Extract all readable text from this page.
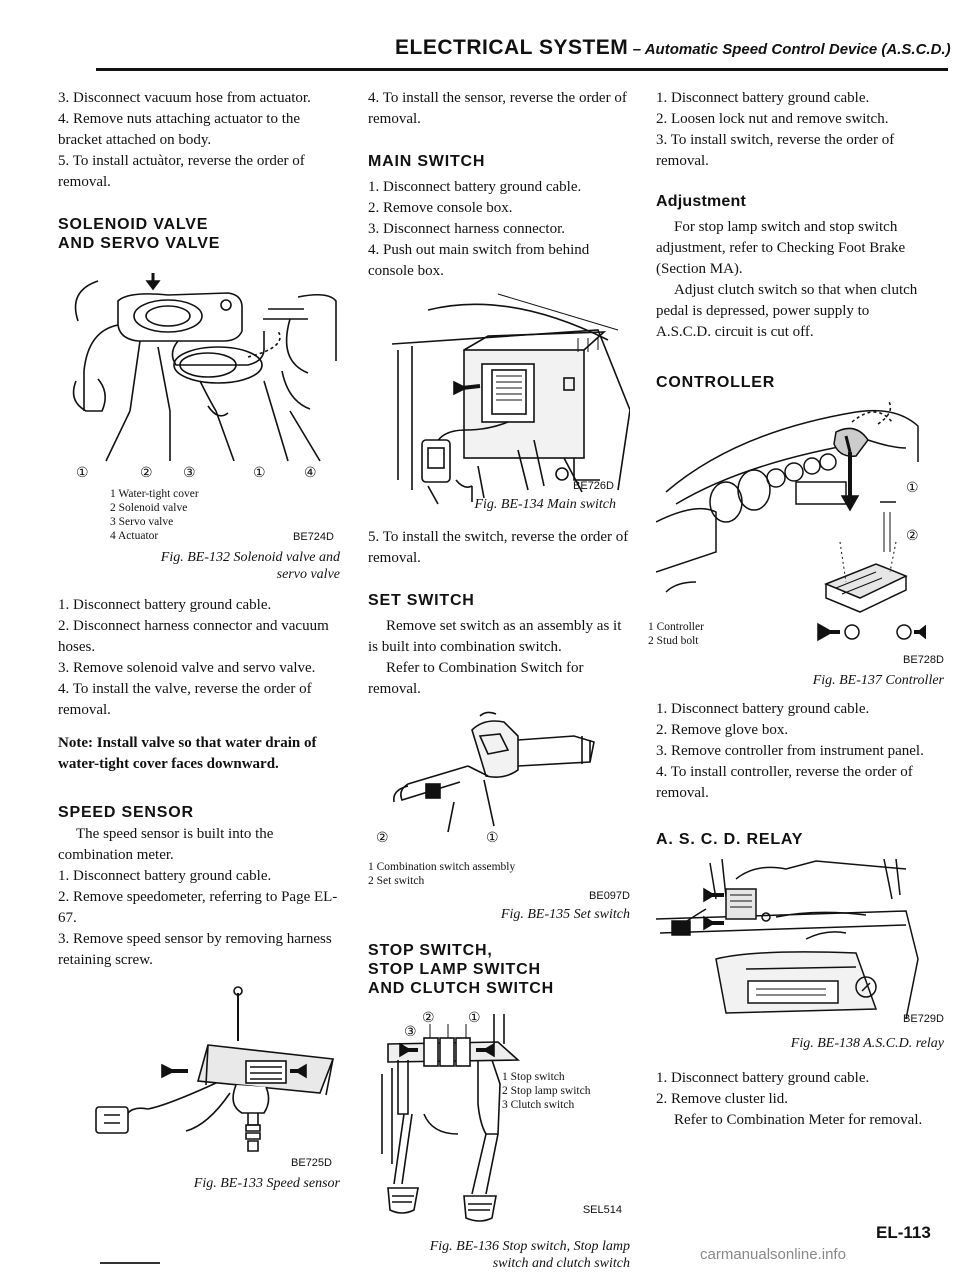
ELECTRICAL SYSTEM – Automatic Speed Control Device (A.S.C.D.)

3. Disconnect vacuum hose from actuator.

4. Remove nuts attaching actuator to the bracket attached on body.

5. To install actuàtor, reverse the order of removal.

SOLENOID VALVE
AND SERVO VALVE
①	② ③	①	④
1 Water-tight cover
2 Solenoid valve
3 Servo valve
4 Actuator	BE724D
Fig. BE-132 Solenoid valve and
servo valve

1. Disconnect battery ground cable.

2. Disconnect harness connector and vacuum hoses.

3. Remove solenoid valve and servo valve.

4. To install the valve, reverse the order of removal.

Note: Install valve so that water drain of water-tight cover faces downward.

SPEED SENSOR

The speed sensor is built into the combination meter.

1. Disconnect battery ground cable.

2. Remove speedometer, referring to Page EL-67.

3. Remove speed sensor by removing harness retaining screw.

BE725D
Fig. BE-133 Speed sensor

4. To install the sensor, reverse the order of removal.

MAIN SWITCH

1. Disconnect battery ground cable.

2. Remove console box.

3. Disconnect harness connector.

4. Push out main switch from behind console box.

BE726D
Fig. BE-134 Main switch

5. To install the switch, reverse the order of removal.

SET SWITCH

Remove set switch as an assembly as it is built into combination switch.

Refer to Combination Switch for removal.

②	①
1 Combination switch assembly
2 Set switch
BE097D
Fig. BE-135 Set switch
STOP SWITCH,
STOP LAMP SWITCH
AND CLUTCH SWITCH
②
③
①
1 Stop switch
2 Stop lamp switch
3 Clutch switch
SEL514
Fig. BE-136 Stop switch, Stop lamp
switch and clutch switch

1. Disconnect battery ground cable.

2. Loosen lock nut and remove switch.

3. To install switch, reverse the order of removal.

Adjustment

For stop lamp switch and stop switch adjustment, refer to Checking Foot Brake (Section MA).

Adjust clutch switch so that when clutch pedal is depressed, power supply to A.S.C.D. circuit is cut off.

CONTROLLER
①
②
1 Controller
2 Stud bolt
BE728D
Fig. BE-137 Controller

1. Disconnect battery ground cable.

2. Remove glove box.

3. Remove controller from instrument panel.

4. To install controller, reverse the order of removal.

A. S. C. D. RELAY
BE729D
Fig. BE-138 A.S.C.D. relay

1. Disconnect battery ground cable.

2. Remove cluster lid.

Refer to Combination Meter for removal.

EL-113
carmanualsonline.info
